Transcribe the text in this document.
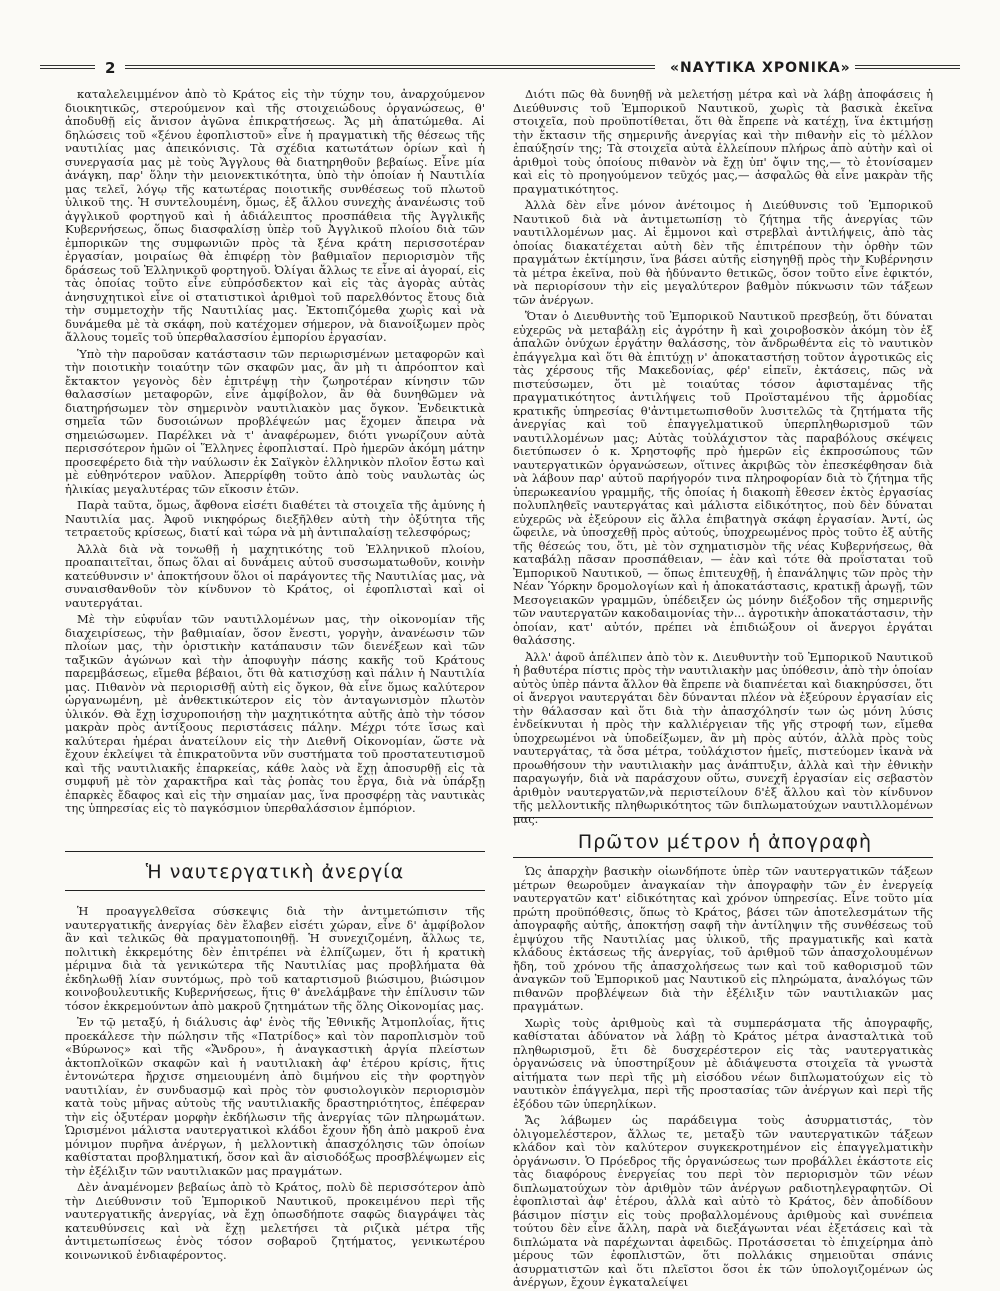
2	«ΝΑΥΤΙΚΑ ΧΡΟΝΙΚΑ»

καταλελειμμένον ἀπὸ τὸ Κράτος εἰς τὴν τύχην του, ἀναρχούμενον διοικητικῶς, στερούμενον καὶ τῆς στοιχειώδους ὀργανώσεως, θ' ἀποδυθῇ εἰς ἄνισον ἀγῶνα ἐπικρατήσεως. Ἄς μὴ ἀπατώμεθα. Αἱ δηλώσεις τοῦ «ξένου ἐφοπλιστοῦ» εἶνε ἡ πραγματικὴ τῆς θέσεως τῆς ναυτιλίας μας ἀπεικόνισις. Τὰ σχέδια κατωτάτων ὁρίων καὶ ἡ συνεργασία μας μὲ τοὺς Ἄγγλους θὰ διατηρηθοῦν βεβαίως. Εἶνε μία ἀνάγκη, παρ' ὅλην τὴν μειονεκτικότητα, ὑπὸ τὴν ὁποίαν ἡ Ναυτιλία μας τελεῖ, λόγῳ τῆς κατωτέρας ποιοτικῆς συνθέσεως τοῦ πλωτοῦ ὑλικοῦ της. Ἡ συντελουμένη, ὅμως, ἐξ ἄλλου συνεχὴς ἀνανέωσις τοῦ ἀγγλικοῦ φορτηγοῦ καὶ ἡ ἀδιάλειπτος προσπάθεια τῆς Ἀγγλικῆς Κυβερνήσεως, ὅπως διασφαλίσῃ ὑπὲρ τοῦ Ἀγγλικοῦ πλοίου διὰ τῶν ἐμπορικῶν της συμφωνιῶν πρὸς τὰ ξένα κράτη περισσοτέραν ἐργασίαν, μοιραίως θὰ ἐπιφέρῃ τὸν βαθμιαῖον περιορισμὸν τῆς δράσεως τοῦ Ἑλληνικοῦ φορτηγοῦ. Ὀλίγαι ἄλλως τε εἶνε αἱ ἀγοραί, εἰς τὰς ὁποίας τοῦτο εἶνε εὐπρόσδεκτον καὶ εἰς τὰς ἀγορὰς αὐτὰς ἀνησυχητικοὶ εἶνε οἱ στατιστικοὶ ἀριθμοὶ τοῦ παρελθόντος ἔτους διὰ τὴν συμμετοχὴν τῆς Ναυτιλίας μας. Ἐκτοπιζόμεθα χωρὶς καὶ νὰ δυνάμεθα μὲ τὰ σκάφη, ποὺ κατέχομεν σήμερον, νὰ διανοίξωμεν πρὸς ἄλλους τομεῖς τοῦ ὑπερθαλασσίου ἐμπορίου ἐργασίαν.

Ὑπὸ τὴν παροῦσαν κατάστασιν τῶν περιωρισμένων μεταφορῶν καὶ τὴν ποιοτικὴν τοιαύτην τῶν σκαφῶν μας, ἂν μὴ τι ἀπρόοπτον καὶ ἔκτακτον γεγονὸς δὲν ἐπιτρέψῃ τὴν ζωηροτέραν κίνησιν τῶν θαλασσίων μεταφορῶν, εἶνε ἀμφίβολον, ἂν θὰ δυνηθῶμεν νὰ διατηρήσωμεν τὸν σημερινὸν ναυτιλιακὸν μας ὄγκον. Ἐνδεικτικὰ σημεῖα τῶν δυσοιώνων προβλέψεών μας ἔχομεν ἄπειρα νὰ σημειώσωμεν. Παρέλκει νὰ τ' ἀναφέρωμεν, διότι γνωρίζουν αὐτὰ περισσότερον ἡμῶν οἱ Ἕλληνες ἐφοπλισταί. Πρὸ ἡμερῶν ἀκόμη μάτην προσεφέρετο διὰ τὴν ναύλωσιν ἐκ Σαϊγκὸν ἑλληνικὸν πλοῖον ἔστω καὶ μὲ εὐθηνότερον ναῦλον. Ἀπερρίφθη τοῦτο ἀπὸ τοὺς ναυλωτὰς ὡς ἡλικίας μεγαλυτέρας τῶν εἴκοσιν ἐτῶν.

Παρὰ ταῦτα, ὅμως, ἄφθονα εἰσέτι διαθέτει τὰ στοιχεῖα τῆς ἀμύνης ἡ Ναυτιλία μας. Ἀφοῦ νικηφόρως διεξῆλθεν αὐτὴ τὴν ὀξύτητα τῆς τετραετοῦς κρίσεως, διατί καὶ τώρα νὰ μὴ ἀντιπαλαίσῃ τελεσφόρως;

Ἀλλὰ διὰ νὰ τονωθῇ ἡ μαχητικότης τοῦ Ἑλληνικοῦ πλοίου, προαπαιτεῖται, ὅπως ὅλαι αἱ δυνάμεις αὐτοῦ συσσωματωθοῦν, κοινὴν κατεύθυνσιν ν' ἀποκτήσουν ὅλοι οἱ παράγοντες τῆς Ναυτιλίας μας, νὰ συναισθανθοῦν τὸν κίνδυνον τὸ Κράτος, οἱ ἐφοπλισταὶ καὶ οἱ ναυτεργάται.

Μὲ τὴν εὐφυΐαν τῶν ναυτιλλομένων μας, τὴν οἰκονομίαν τῆς διαχειρίσεως, τὴν βαθμιαίαν, ὅσον ἔνεστι, γοργὴν, ἀνανέωσιν τῶν πλοίων μας, τὴν ὁριστικὴν κατάπαυσιν τῶν διενέξεων καὶ τῶν ταξικῶν ἀγώνων καὶ τὴν ἀποφυγὴν πάσης κακῆς τοῦ Κράτους παρεμβάσεως, εἴμεθα βέβαιοι, ὅτι θὰ κατισχύσῃ καὶ πάλιν ἡ Ναυτιλία μας. Πιθανὸν νὰ περιορισθῇ αὐτὴ εἰς ὄγκον, θὰ εἶνε ὅμως καλύτερον ὠργανωμένη, μὲ ἀνθεκτικώτερον εἰς τὸν ἀνταγωνισμὸν πλωτὸν ὑλικόν. Θὰ ἔχῃ ἰσχυροποιήσῃ τὴν μαχητικότητα αὐτῆς ἀπὸ τὴν τόσον μακρὰν πρὸς ἀντίξοους περιστάσεις πάλην. Μέχρι τότε ἴσως καὶ καλύτεραι ἡμέραι ἀνατείλουν εἰς τὴν Διεθνῆ Οἰκονομίαν, ὥστε νὰ ἔχουν ἐκλείψει τὰ ἐπικρατοῦντα νῦν συστήματα τοῦ προστατευτισμοῦ καὶ τῆς ναυτιλιακῆς ἐπαρκείας, κάθε λαὸς νὰ ἔχῃ ἀποσυρθῇ εἰς τὰ συμφυῆ μὲ τὸν χαρακτῆρα καὶ τὰς ῥοπὰς του ἔργα, διὰ νὰ ὑπάρξῃ ἐπαρκὲς ἔδαφος καὶ εἰς τὴν σημαίαν μας, ἵνα προσφέρῃ τὰς ναυτικὰς της ὑπηρεσίας εἰς τὸ παγκόσμιον ὑπερθαλάσσιον ἐμπόριον.

Διότι πῶς θὰ δυνηθῇ νὰ μελετήσῃ μέτρα καὶ νὰ λάβῃ ἀποφάσεις ἡ Διεύθυνσις τοῦ Ἐμπορικοῦ Ναυτικοῦ, χωρὶς τὰ βασικὰ ἐκεῖνα στοιχεῖα, ποὺ προϋποτίθεται, ὅτι θὰ ἔπρεπε νὰ κατέχῃ, ἵνα ἐκτιμήσῃ τὴν ἔκτασιν τῆς σημερινῆς ἀνεργίας καὶ τὴν πιθανὴν εἰς τὸ μέλλον ἐπαύξησίν της; Τὰ στοιχεῖα αὐτὰ ἐλλείπουν πλήρως ἀπὸ αὐτὴν καὶ οἱ ἀριθμοὶ τοὺς ὁποίους πιθανὸν νὰ ἔχῃ ὑπ' ὄψιν της,— τὸ ἐτονίσαμεν καὶ εἰς τὸ προηγούμενον τεῦχός μας,— ἀσφαλῶς θὰ εἶνε μακρὰν τῆς πραγματικότητος.

Ἀλλὰ δὲν εἶνε μόνον ἀνέτοιμος ἡ Διεύθυνσις τοῦ Ἐμπορικοῦ Ναυτικοῦ διὰ νὰ ἀντιμετωπίσῃ τὸ ζήτημα τῆς ἀνεργίας τῶν ναυτιλλομένων μας. Αἱ ἔμμονοι καὶ στρεβλαὶ ἀντιλήψεις, ἀπὸ τὰς ὁποίας διακατέχεται αὐτὴ δὲν τῆς ἐπιτρέπουν τὴν ὀρθὴν τῶν πραγμάτων ἐκτίμησιν, ἵνα βάσει αὐτῆς εἰσηγηθῇ πρὸς τὴν Κυβέρνησιν τὰ μέτρα ἐκεῖνα, ποὺ θὰ ἠδύναντο θετικῶς, ὅσον τοῦτο εἶνε ἐφικτόν, νὰ περιορίσουν τὴν εἰς μεγαλύτερον βαθμὸν πύκνωσιν τῶν τάξεων τῶν ἀνέργων.

Ὅταν ὁ Διευθυντὴς τοῦ Ἐμπορικοῦ Ναυτικοῦ πρεσβεύῃ, ὅτι δύναται εὐχερῶς νὰ μεταβάλῃ εἰς ἀγρότην ἢ καὶ χοιροβοσκὸν ἀκόμη τὸν ἐξ ἁπαλῶν ὀνύχων ἐργάτην θαλάσσης, τὸν ἄνδρωθέντα εἰς τὸ ναυτικὸν ἐπάγγελμα καὶ ὅτι θὰ ἐπιτύχῃ ν' ἀποκαταστήσῃ τοῦτον ἀγροτικῶς εἰς τὰς χέρσους τῆς Μακεδονίας, φέρ' εἰπεῖν, ἐκτάσεις, πῶς νὰ πιστεύσωμεν, ὅτι μὲ τοιαύτας τόσον ἀφισταμένας τῆς πραγματικότητος ἀντιλήψεις τοῦ Προϊσταμένου τῆς ἁρμοδίας κρατικῆς ὑπηρεσίας θ'ἀντιμετωπισθοῦν λυσιτελῶς τὰ ζητήματα τῆς ἀνεργίας καὶ τοῦ ἐπαγγελματικοῦ ὑπερπληθωρισμοῦ τῶν ναυτιλλομένων μας; Αὐτὰς τοὐλάχιστον τὰς παραβόλους σκέψεις διετύπωσεν ὁ κ. Χρηστοφῆς πρὸ ἡμερῶν εἰς ἐκπροσώπους τῶν ναυτεργατικῶν ὀργανώσεων, οἵτινες ἀκριβῶς τὸν ἐπεσκέφθησαν διὰ νὰ λάβουν παρ' αὐτοῦ παρήγορόν τινα πληροφορίαν διὰ τὸ ζήτημα τῆς ὑπερωκεανίου γραμμῆς, τῆς ὁποίας ἡ διακοπὴ ἔθεσεν ἐκτὸς ἐργασίας πολυπληθεῖς ναυτεργάτας καὶ μάλιστα εἰδικότητος, ποὺ δὲν δύναται εὐχερῶς νὰ ἐξεύρουν εἰς ἄλλα ἐπιβατηγὰ σκάφη ἐργασίαν. Ἀντί, ὡς ὤφειλε, νὰ ὑποσχεθῇ πρὸς αὐτούς, ὑποχρεωμένος πρὸς τοῦτο ἐξ αὐτῆς τῆς θέσεώς του, ὅτι, μὲ τὸν σχηματισμὸν τῆς νέας Κυβερνήσεως, θὰ καταβάλῃ πᾶσαν προσπάθειαν, — ἐὰν καὶ τότε θὰ προΐσταται τοῦ Ἐμπορικοῦ Ναυτικοῦ, — ὅπως ἐπιτευχθῇ, ἡ ἐπανάληψις τῶν πρὸς τὴν Νέαν Ὑόρκην δρομολογίων καὶ ἡ ἀποκατάστασις, κρατικῇ ἀρωγῇ, τῶν Μεσογειακῶν γραμμῶν, ὑπέδειξεν ὡς μόνην διέξοδον τῆς σημερινῆς τῶν ναυτεργατῶν κακοδαιμονίας τὴν... ἀγροτικὴν ἀποκατάστασιν, τὴν ὁποίαν, κατ' αὐτόν, πρέπει νὰ ἐπιδιώξουν οἱ ἄνεργοι ἐργάται θαλάσσης.

Ἀλλ' ἀφοῦ ἀπέλιπεν ἀπὸ τὸν κ. Διευθυντὴν τοῦ Ἐμπορικοῦ Ναυτικοῦ ἡ βαθυτέρα πίστις πρὸς τὴν ναυτιλιακὴν μας ὑπόθεσιν, ἀπὸ τὴν ὁποίαν αὐτὸς ὑπὲρ πάντα ἄλλον θὰ ἔπρεπε νὰ διαπνέεται καὶ διακηρύσσει, ὅτι οἱ ἄνεργοι ναυτεργάται δὲν δύνανται πλέον νὰ ἐξεύρουν ἐργασίαν εἰς τὴν θάλασσαν καὶ ὅτι διὰ τὴν ἀπασχόλησίν των ὡς μόνη λύσις ἐνδείκνυται ἡ πρὸς τὴν καλλιέργειαν τῆς γῆς στροφή των, εἴμεθα ὑποχρεωμένοι νὰ ὑποδείξωμεν, ἂν μὴ πρὸς αὐτόν, ἀλλὰ πρὸς τοὺς ναυτεργάτας, τὰ ὅσα μέτρα, τοὐλάχιστον ἡμεῖς, πιστεύομεν ἱκανὰ νὰ προωθήσουν τὴν ναυτιλιακὴν μας ἀνάπτυξιν, ἀλλὰ καὶ τὴν ἐθνικὴν παραγωγήν, διὰ νὰ παράσχουν οὕτω, συνεχῆ ἐργασίαν εἰς σεβαστὸν ἀριθμὸν ναυτεργατῶν,νὰ περιστείλουν δ'ἐξ ἄλλου καὶ τὸν κίνδυνον τῆς μελλοντικῆς πληθωρικότητος τῶν διπλωματούχων ναυτιλλομένων μας.

Ἡ ναυτεργατικὴ ἀνεργία
Πρῶτον μέτρον ἡ ἀπογραφὴ

Ἡ προαγγελθεῖσα σύσκεψις διὰ τὴν ἀντιμετώπισιν τῆς ναυτεργατικῆς ἀνεργίας δὲν ἔλαβεν εἰσέτι χώραν, εἶνε δ' ἀμφίβολον ἂν καὶ τελικῶς θὰ πραγματοποιηθῇ. Ἡ συνεχιζομένη, ἄλλως τε, πολιτικὴ ἐκκρεμότης δὲν ἐπιτρέπει νὰ ἐλπίζωμεν, ὅτι ἡ κρατικὴ μέριμνα διὰ τὰ γενικώτερα τῆς Ναυτιλίας μας προβλήματα θὰ ἐκδηλωθῇ λίαν συντόμως, πρὸ τοῦ καταρτισμοῦ βιώσιμου, βιώσιμον κοινοβουλευτικῆς Κυβερνήσεως, ἥτις θ' ἀνελάμβανε τὴν ἐπίλυσιν τῶν τόσον ἐκκρεμούντων ἀπὸ μακροῦ ζητημάτων τῆς ὅλης Οἰκονομίας μας.

Ἐν τῷ μεταξύ, ἡ διάλυσις ἀφ' ἑνὸς τῆς Ἐθνικῆς Ἀτμοπλοΐας, ἥτις προεκάλεσε τὴν πώλησιν τῆς «Πατρίδος» καὶ τὸν παροπλισμὸν τοῦ «Βύρωνος» καὶ τῆς «Ἄνδρου», ἡ ἀναγκαστικὴ ἀργία πλείστων ἀκτοπλοϊκῶν σκαφῶν καὶ ἡ ναυτιλιακὴ ἀφ' ἑτέρου κρίσις, ἥτις ἐντονώτερα ἤρχισε σημειουμένη ἀπὸ διμήνου εἰς τὴν φορτηγὸν ναυτιλίαν, ἐν συνδυασμῷ καὶ πρὸς τὸν φυσιολογικὸν περιορισμὸν κατὰ τοὺς μῆνας αὐτοὺς τῆς ναυτιλιακῆς δραστηριότητος, ἐπέφεραν τὴν εἰς ὀξυτέραν μορφὴν ἐκδήλωσιν τῆς ἀνεργίας τῶν πληρωμάτων. Ὡρισμένοι μάλιστα ναυτεργατικοὶ κλάδοι ἔχουν ἤδη ἀπὸ μακροῦ ἐνα μόνιμον πυρῆνα ἀνέργων, ἡ μελλοντικὴ ἀπασχόλησις τῶν ὁποίων καθίσταται προβληματική, ὅσον καὶ ἂν αἰσιοδόξως προσβλέψωμεν εἰς τὴν ἐξέλιξιν τῶν ναυτιλιακῶν μας πραγμάτων.

Δὲν ἀναμένομεν βεβαίως ἀπὸ τὸ Κράτος, πολὺ δὲ περισσότερον ἀπὸ τὴν Διεύθυνσιν τοῦ Ἐμπορικοῦ Ναυτικοῦ, προκειμένου περὶ τῆς ναυτεργατικῆς ἀνεργίας, νὰ ἔχῃ ὁπωσδήποτε σαφῶς διαγράψει τὰς κατευθύνσεις καὶ νὰ ἔχῃ μελετήσει τὰ ριζικὰ μέτρα τῆς ἀντιμετωπίσεως ἑνὸς τόσον σοβαροῦ ζητήματος, γενικωτέρου κοινωνικοῦ ἐνδιαφέροντος.

Ὡς ἀπαρχὴν βασικὴν οἱωνδήποτε ὑπὲρ τῶν ναυτεργατικῶν τάξεων μέτρων θεωροῦμεν ἀναγκαίαν τὴν ἀπογραφὴν τῶν ἐν ἐνεργείᾳ ναυτεργατῶν κατ' εἰδικότητας καὶ χρόνον ὑπηρεσίας. Εἶνε τοῦτο μία πρώτη προϋπόθεσις, ὅπως τὸ Κράτος, βάσει τῶν ἀποτελεσμάτων τῆς ἀπογραφῆς αὐτῆς, ἀποκτήσῃ σαφῆ τὴν ἀντίληψιν τῆς συνθέσεως τοῦ ἐμψύχου τῆς Ναυτιλίας μας ὑλικοῦ, τῆς πραγματικῆς καὶ κατὰ κλάδους ἐκτάσεως τῆς ἀνεργίας, τοῦ ἀριθμοῦ τῶν ἀπασχολουμένων ἤδη, τοῦ χρόνου τῆς ἀπασχολήσεως των καὶ τοῦ καθορισμοῦ τῶν ἀναγκῶν τοῦ Ἐμπορικοῦ μας Ναυτικοῦ εἰς πληρώματα, ἀναλόγως τῶν πιθανῶν προβλέψεων διὰ τὴν ἐξέλιξιν τῶν ναυτιλιακῶν μας πραγμάτων.

Χωρὶς τοὺς ἀριθμοὺς καὶ τὰ συμπεράσματα τῆς ἀπογραφῆς, καθίσταται ἀδύνατον νὰ λάβῃ τὸ Κράτος μέτρα ἀνασταλτικὰ τοῦ πληθωρισμοῦ, ἔτι δὲ δυσχερέστερον εἰς τὰς ναυτεργατικὰς ὀργανώσεις νὰ ὑποστηρίξουν μὲ ἀδιάψευστα στοιχεῖα τὰ γνωστὰ αἰτήματα των περὶ τῆς μὴ εἰσόδου νέων διπλωματούχων εἰς τὸ ναυτικὸν ἐπάγγελμα, περὶ τῆς προστασίας τῶν ἀνέργων καὶ περὶ τῆς ἐξόδου τῶν ὑπερηλίκων.

Ἄς λάβωμεν ὡς παράδειγμα τοὺς ἀσυρματιστάς, τὸν ὀλιγομελέστερον, ἄλλως τε, μεταξὺ τῶν ναυτεργατικῶν τάξεων κλάδον καὶ τὸν καλύτερον συγκεκροτημένον εἰς ἐπαγγελματικὴν ὀργάνωσιν. Ὁ Πρόεδρος τῆς ὀργανώσεως των προβάλλει ἑκάστοτε εἰς τὰς διαφόρους ἐνεργείας του περὶ τὸν περιορισμὸν τῶν νέων διπλωματούχων τὸν ἀριθμὸν τῶν ἀνέργων ραδιοτηλεγραφητῶν. Οἱ ἐφοπλισταὶ ἀφ' ἑτέρου, ἀλλὰ καὶ αὐτὸ τὸ Κράτος, δὲν ἀποδίδουν βάσιμον πίστιν εἰς τοὺς προβαλλομένους ἀριθμοὺς καὶ συνέπεια τούτου δὲν εἶνε ἄλλη, παρὰ νὰ διεξάγωνται νέαι ἐξετάσεις καὶ τὰ διπλώματα νὰ παρέχωνται ἀφειδῶς. Προτάσσεται τὸ ἐπιχείρημα ἀπὸ μέρους τῶν ἐφοπλιστῶν, ὅτι πολλάκις σημειοῦται σπάνις ἀσυρματιστῶν καὶ ὅτι πλεῖστοι ὅσοι ἐκ τῶν ὑπολογιζομένων ὡς ἀνέργων, ἔχουν ἐγκαταλείψει
